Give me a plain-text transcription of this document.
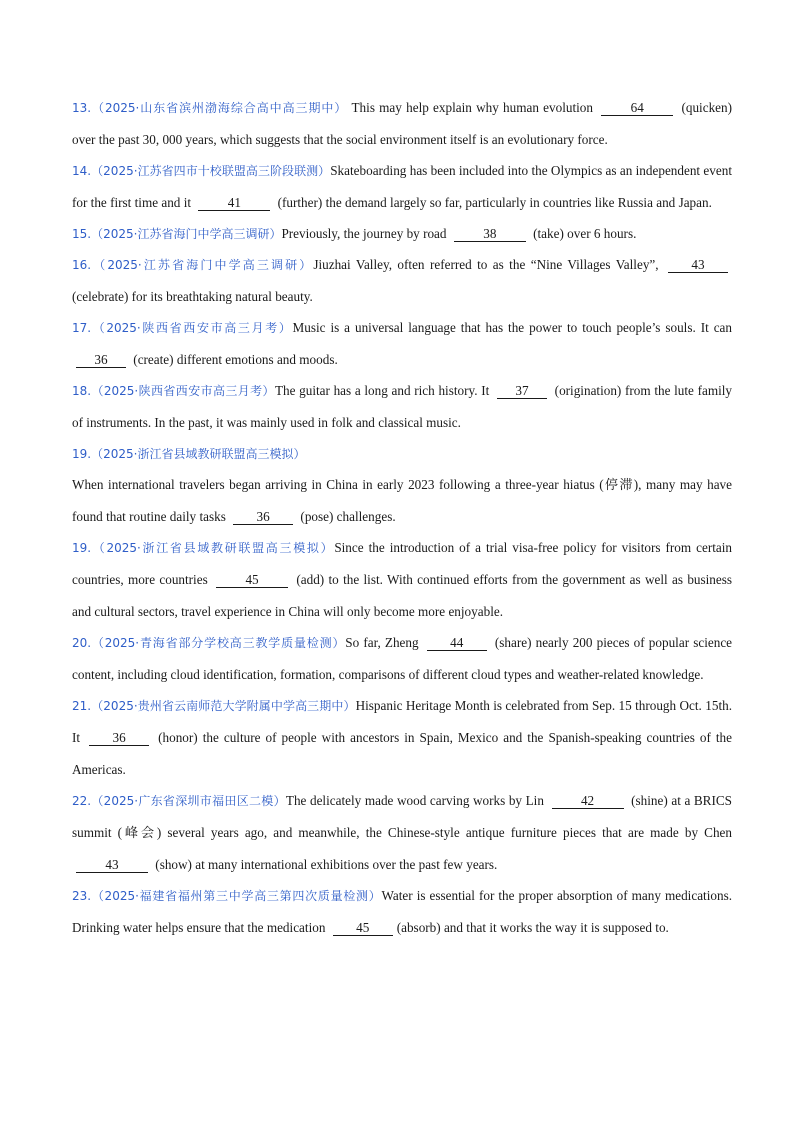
13.（2025·山东省滨州渤海综合高中高三期中） This may help explain why human evolution	64	(quicken) over the past 30, 000 years, which suggests that the social environment itself is an evolutionary force.

14.（2025·江苏省四市十校联盟高三阶段联测）Skateboarding has been included into the Olympics as an independent event for the first time and it	41	(further) the demand largely so far, particularly in countries like Russia and Japan.

15.（2025·江苏省海门中学高三调研）Previously, the journey by road	38	(take) over 6 hours.

16.（2025·江苏省海门中学高三调研）Jiuzhai Valley, often referred to as the “Nine Villages Valley”, 43 (celebrate) for its breathtaking natural beauty.

17.（2025·陕西省西安市高三月考）Music is a universal language that has the power to touch people’s souls. It can 36 (create) different emotions and moods.

18.（2025·陕西省西安市高三月考）The guitar has a long and rich history. It 37 (origination) from the lute family of instruments. In the past, it was mainly used in folk and classical music.

19.（2025·浙江省县域教研联盟高三模拟）

When international travelers began arriving in China in early 2023 following a three-year hiatus (停滞), many may have found that routine daily tasks 36 (pose) challenges.

19.（2025·浙江省县域教研联盟高三模拟）Since the introduction of a trial visa-free policy for visitors from certain countries, more countries	45	(add) to the list. With continued efforts from the government as well as business and cultural sectors, travel experience in China will only become more enjoyable.

20.（2025·青海省部分学校高三教学质量检测）So far, Zheng 44 (share) nearly 200 pieces of popular science content, including cloud identification, formation, comparisons of different cloud types and weather-related knowledge.

21.（2025·贵州省云南师范大学附属中学高三期中）Hispanic Heritage Month is celebrated from Sep. 15 through Oct. 15th. It 36 (honor) the culture of people with ancestors in Spain, Mexico and the Spanish-speaking countries of the Americas.

22.（2025·广东省深圳市福田区二模）The delicately made wood carving works by Lin	42	(shine) at a BRICS summit (峰会) several years ago, and meanwhile, the Chinese-style antique furniture pieces that are made by Chen 43	(show) at many international exhibitions over the past few years.

23.（2025·福建省福州第三中学高三第四次质量检测）Water is essential for the proper absorption of many medications. Drinking water helps ensure that the medication 45 (absorb) and that it works the way it is supposed to.
